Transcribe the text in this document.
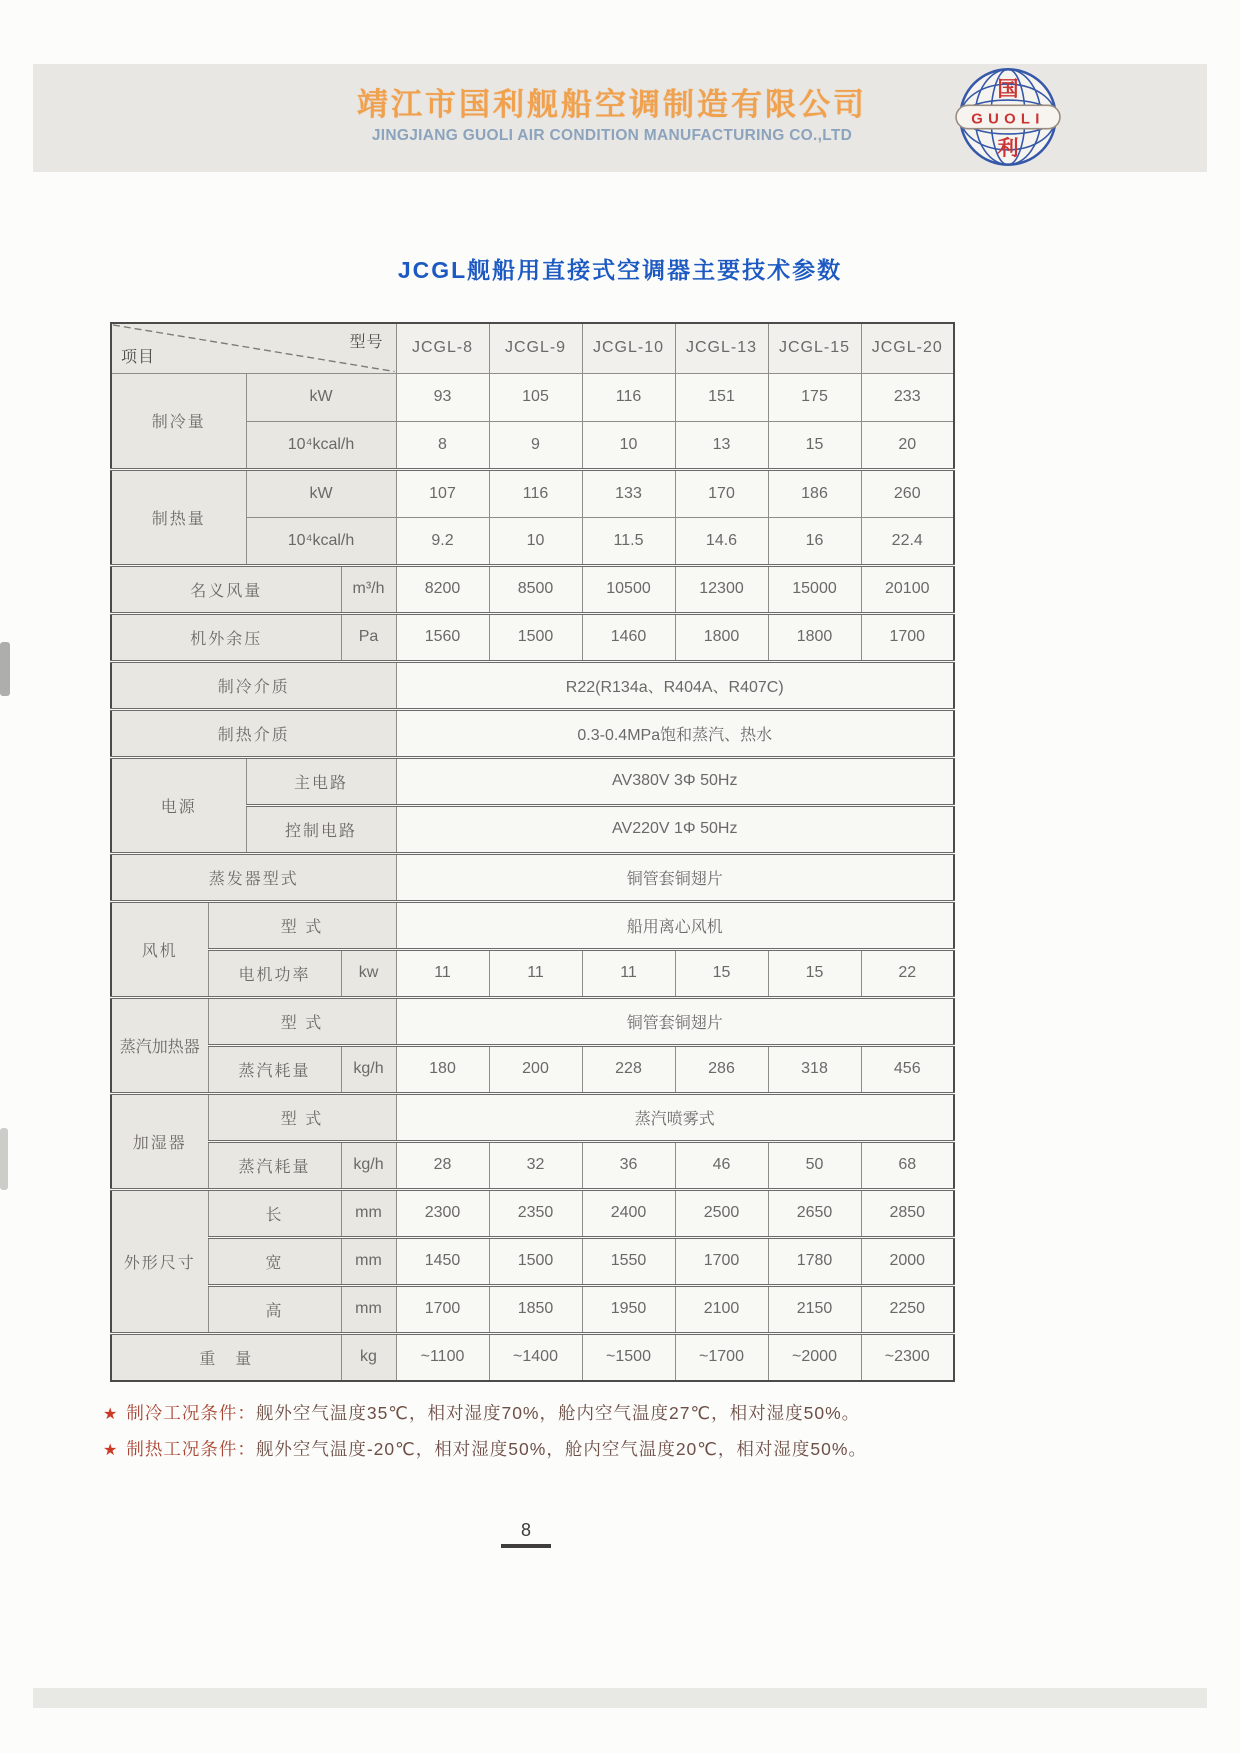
靖江市国利舰船空调制造有限公司
JINGJIANG GUOLI AIR CONDITION MANUFACTURING CO.,LTD
国
GUOLI
利
JCGL舰船用直接式空调器主要技术参数
项目
型号				JCGL-8	JCGL-9	JCGL-10	JCGL-13	JCGL-15	JCGL-20
制冷量		kW		93	105	116	151	175	233
		10⁴kcal/h		8	9	10	13	15	20
制热量		kW		107	116	133	170	186	260
		10⁴kcal/h		9.2	10	11.5	14.6	16	22.4
名义风量			m³/h	8200	8500	10500	12300	15000	20100
机外余压			Pa	1560	1500	1460	1800	1800	1700
制冷介质				R22(R134a、R404A、R407C)					
制热介质				0.3-0.4MPa饱和蒸汽、热水					
电源		主电路		AV380V 3Φ 50Hz					
		控制电路		AV220V 1Φ 50Hz					
蒸发器型式				铜管套铜翅片					
风机	型 式			船用离心风机					
	电机功率		kw	11	11	11	15	15	22
蒸汽加热器	型 式			铜管套铜翅片					
	蒸汽耗量		kg/h	180	200	228	286	318	456
加湿器	型 式			蒸汽喷雾式					
	蒸汽耗量		kg/h	28	32	36	46	50	68
外形尺寸	长		mm	2300	2350	2400	2500	2650	2850
	宽		mm	1450	1500	1550	1700	1780	2000
	高		mm	1700	1850	1950	2100	2150	2250
重　量			kg	~1100	~1400	~1500	~1700	~2000	~2300
★ 制冷工况条件：舰外空气温度35℃，相对湿度70%，舱内空气温度27℃，相对湿度50%。
★ 制热工况条件：舰外空气温度-20℃，相对湿度50%，舱内空气温度20℃，相对湿度50%。
8
